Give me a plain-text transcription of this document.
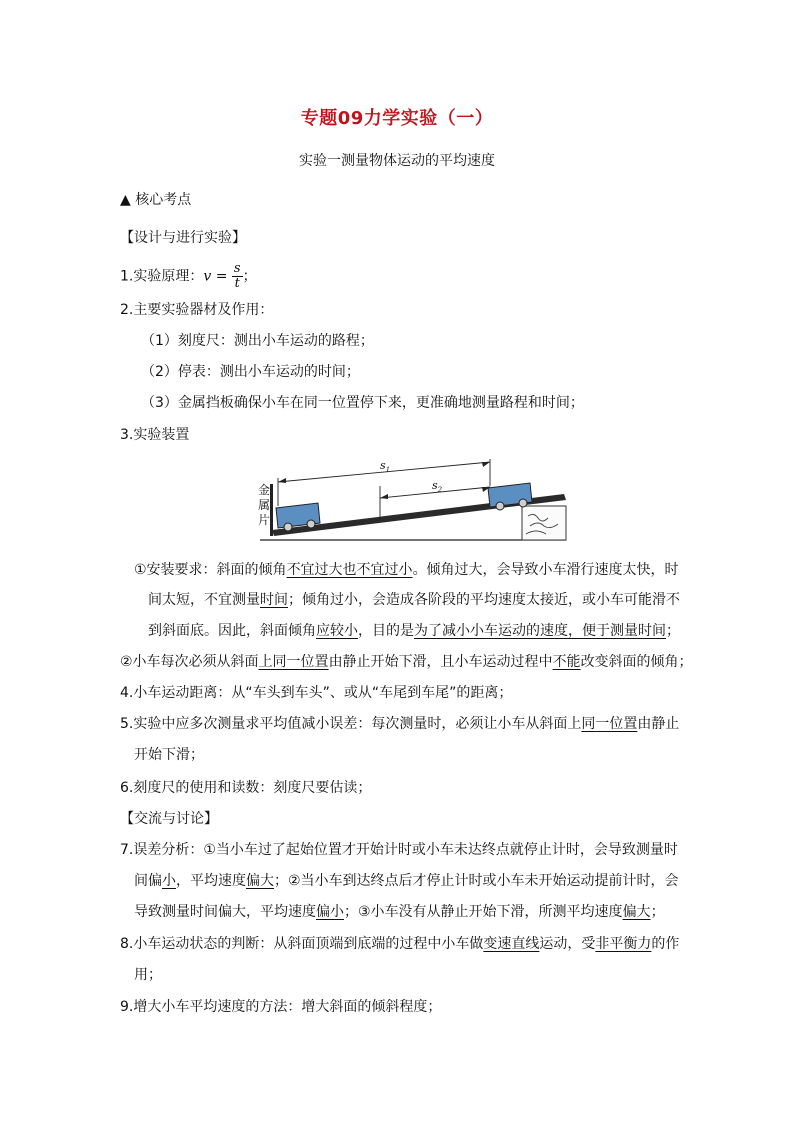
专题09力学实验（一）
实验一测量物体运动的平均速度
▲ 核心考点
【设计与进行实验】
1.实验原理：$v = \frac{s}{t}$ ；
2.主要实验器材及作用：
（1）刻度尺：测出小车运动的路程；
（2）停表：测出小车运动的时间；
（3）金属挡板确保小车在同一位置停下来，更准确地测量路程和时间；
3.实验装置
金
属
片
$s_1$
$s_2$
①安装要求：斜面的倾角不宜过大也不宜过小。倾角过大，会导致小车滑行速度太快，时
间太短，不宜测量时间；倾角过小，会造成各阶段的平均速度太接近，或小车可能滑不
到斜面底。因此，斜面倾角应较小，目的是为了减小小车运动的速度，便于测量时间；
②小车每次必须从斜面上同一位置由静止开始下滑，且小车运动过程中不能改变斜面的倾角；
4.小车运动距离：从“车头到车头”、或从“车尾到车尾”的距离；
5.实验中应多次测量求平均值减小误差：每次测量时，必须让小车从斜面上同一位置由静止
开始下滑；
6.刻度尺的使用和读数：刻度尺要估读；
【交流与讨论】
7.误差分析：①当小车过了起始位置才开始计时或小车未达终点就停止计时，会导致测量时
间偏小，平均速度偏大；②当小车到达终点后才停止计时或小车未开始运动提前计时，会
导致测量时间偏大，平均速度偏小；③小车没有从静止开始下滑，所测平均速度偏大；
8.小车运动状态的判断：从斜面顶端到底端的过程中小车做变速直线运动，受非平衡力的作
用；
9.增大小车平均速度的方法：增大斜面的倾斜程度；
